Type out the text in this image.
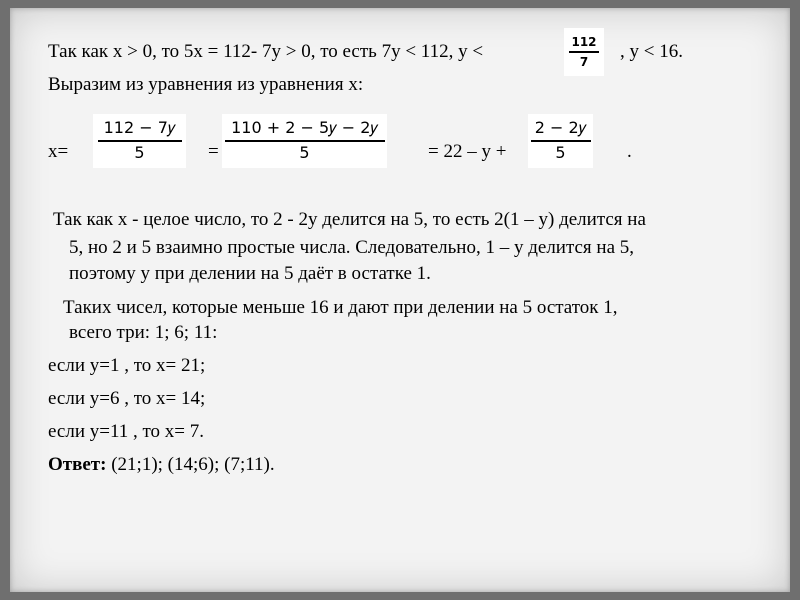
Так как x > 0, то 5x = 112- 7y > 0, то есть 7y < 112, y <	112
7 , y < 16.
Выразим из уравнения из уравнения x:
x=
112 − 7𝑦
5	=
110 + 2 − 5𝑦 − 2𝑦
5	= 22 – y +
2 − 2𝑦
5	.
Так как x - целое число, то 2 - 2y делится на 5, то есть 2(1 – y) делится на
5, но 2 и 5 взаимно простые числа. Следовательно, 1 – y делится на 5,
поэтому y при делении на 5 даёт в остатке 1.
Таких чисел, которые меньше 16 и дают при делении на 5 остаток 1,
всего три: 1; 6; 11:
если y=1 , то x= 21;
если y=6 , то x= 14;
если y=11 , то x= 7.
Ответ: (21;1); (14;6); (7;11).
